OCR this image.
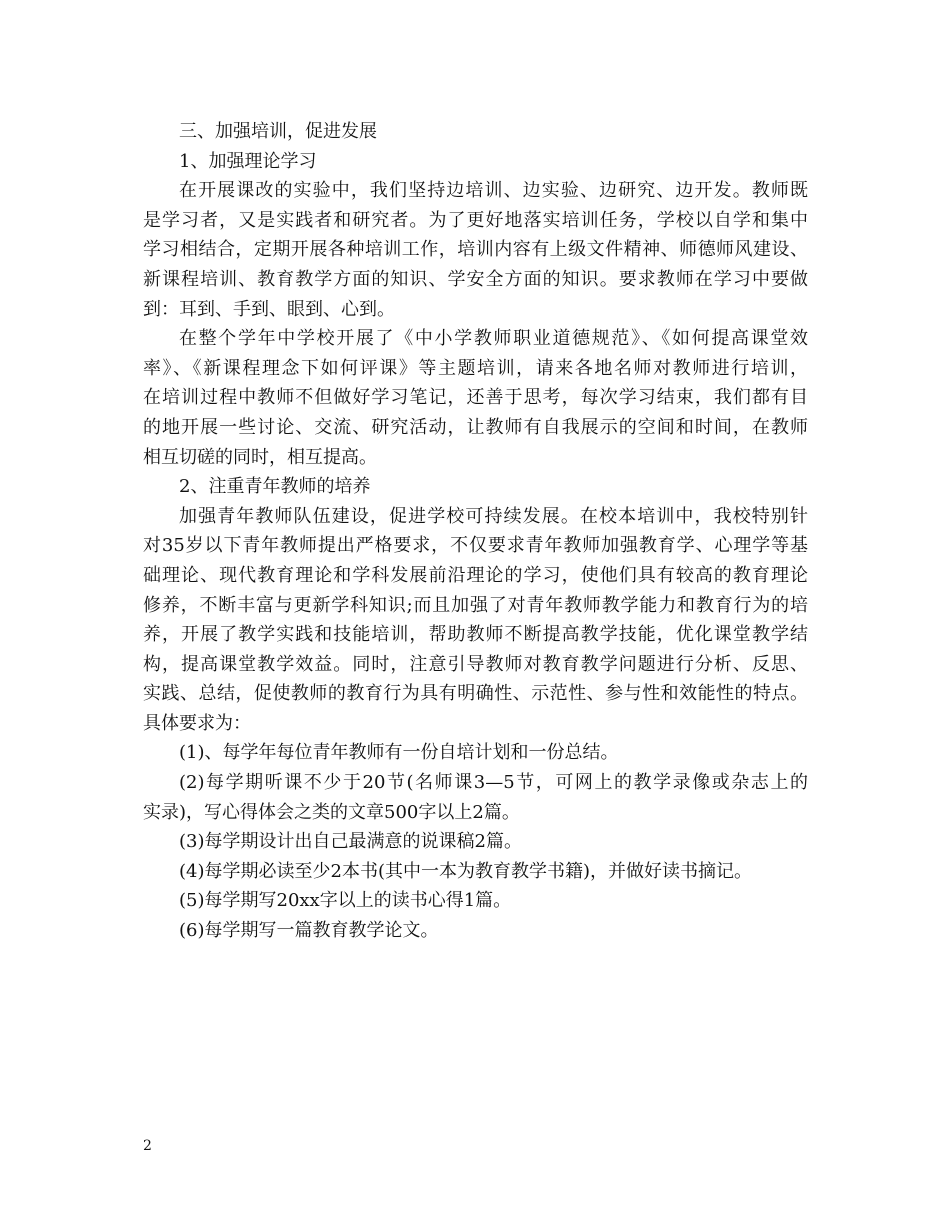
三、加强培训，促进发展

1、加强理论学习

在开展课改的实验中，我们坚持边培训、边实验、边研究、边开发。教师既

是学习者，又是实践者和研究者。为了更好地落实培训任务，学校以自学和集中

学习相结合，定期开展各种培训工作，培训内容有上级文件精神、师德师风建设、

新课程培训、教育教学方面的知识、学安全方面的知识。要求教师在学习中要做

到：耳到、手到、眼到、心到。

在整个学年中学校开展了《中小学教师职业道德规范》、《如何提高课堂效

率》、《新课程理念下如何评课》等主题培训，请来各地名师对教师进行培训，

在培训过程中教师不但做好学习笔记，还善于思考，每次学习结束，我们都有目

的地开展一些讨论、交流、研究活动，让教师有自我展示的空间和时间，在教师

相互切磋的同时，相互提高。

2、注重青年教师的培养

加强青年教师队伍建设，促进学校可持续发展。在校本培训中，我校特别针

对35岁以下青年教师提出严格要求，不仅要求青年教师加强教育学、心理学等基

础理论、现代教育理论和学科发展前沿理论的学习，使他们具有较高的教育理论

修养，不断丰富与更新学科知识;而且加强了对青年教师教学能力和教育行为的培

养，开展了教学实践和技能培训，帮助教师不断提高教学技能，优化课堂教学结

构，提高课堂教学效益。同时，注意引导教师对教育教学问题进行分析、反思、

实践、总结，促使教师的教育行为具有明确性、示范性、参与性和效能性的特点。

具体要求为：

(1)、每学年每位青年教师有一份自培计划和一份总结。

(2)每学期听课不少于20节(名师课3—5节，可网上的教学录像或杂志上的

实录)，写心得体会之类的文章500字以上2篇。

(3)每学期设计出自己最满意的说课稿2篇。

(4)每学期必读至少2本书(其中一本为教育教学书籍)，并做好读书摘记。

(5)每学期写20xx字以上的读书心得1篇。

(6)每学期写一篇教育教学论文。

2
